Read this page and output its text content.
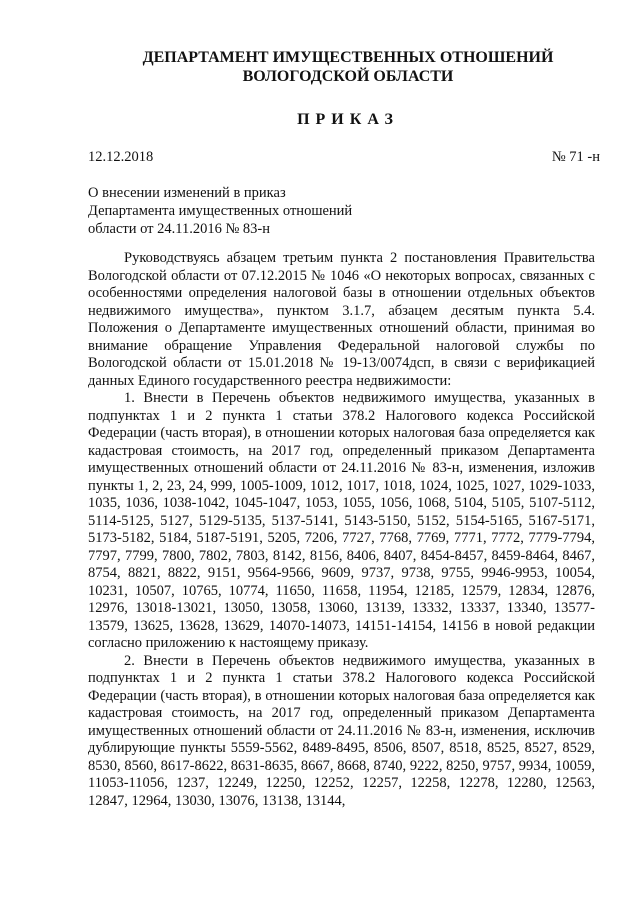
ДЕПАРТАМЕНТ ИМУЩЕСТВЕННЫХ ОТНОШЕНИЙ
ВОЛОГОДСКОЙ ОБЛАСТИ
ПРИКАЗ
12.12.2018	№ 71 -н
О внесении изменений в приказ
Департамента имущественных отношений
области от 24.11.2016 № 83-н

Руководствуясь абзацем третьим пункта 2 постановления Правительства Вологодской области от 07.12.2015 № 1046 «О некоторых вопросах, связанных с особенностями определения налоговой базы в отношении отдельных объектов недвижимого имущества», пунктом 3.1.7, абзацем десятым пункта 5.4. Положения о Департаменте имущественных отношений области, принимая во внимание обращение Управления Федеральной налоговой службы по Вологодской области от 15.01.2018 № 19-13/0074дсп, в связи с верификацией данных Единого государственного реестра недвижимости:

1. Внести в Перечень объектов недвижимого имущества, указанных в подпунктах 1 и 2 пункта 1 статьи 378.2 Налогового кодекса Российской Федерации (часть вторая), в отношении которых налоговая база определяется как кадастровая стоимость, на 2017 год, определенный приказом Департамента имущественных отношений области от 24.11.2016 № 83-н, изменения, изложив пункты 1, 2, 23, 24, 999, 1005-1009, 1012, 1017, 1018, 1024, 1025, 1027, 1029-1033, 1035, 1036, 1038-1042, 1045-1047, 1053, 1055, 1056, 1068, 5104, 5105, 5107-5112, 5114-5125, 5127, 5129-5135, 5137-5141, 5143-5150, 5152, 5154-5165, 5167-5171, 5173-5182, 5184, 5187-5191, 5205, 7206, 7727, 7768, 7769, 7771, 7772, 7779-7794, 7797, 7799, 7800, 7802, 7803, 8142, 8156, 8406, 8407, 8454-8457, 8459-8464, 8467, 8754, 8821, 8822, 9151, 9564-9566, 9609, 9737, 9738, 9755, 9946-9953, 10054, 10231, 10507, 10765, 10774, 11650, 11658, 11954, 12185, 12579, 12834, 12876, 12976, 13018-13021, 13050, 13058, 13060, 13139, 13332, 13337, 13340, 13577-13579, 13625, 13628, 13629, 14070-14073, 14151-14154, 14156 в новой редакции согласно приложению к настоящему приказу.

2. Внести в Перечень объектов недвижимого имущества, указанных в подпунктах 1 и 2 пункта 1 статьи 378.2 Налогового кодекса Российской Федерации (часть вторая), в отношении которых налоговая база определяется как кадастровая стоимость, на 2017 год, определенный приказом Департамента имущественных отношений области от 24.11.2016 № 83-н, изменения, исключив дублирующие пункты 5559-5562, 8489-8495, 8506, 8507, 8518, 8525, 8527, 8529, 8530, 8560, 8617-8622, 8631-8635, 8667, 8668, 8740, 9222, 8250, 9757, 9934, 10059, 11053-11056, 1237, 12249, 12250, 12252, 12257, 12258, 12278, 12280, 12563, 12847, 12964, 13030, 13076, 13138, 13144,
